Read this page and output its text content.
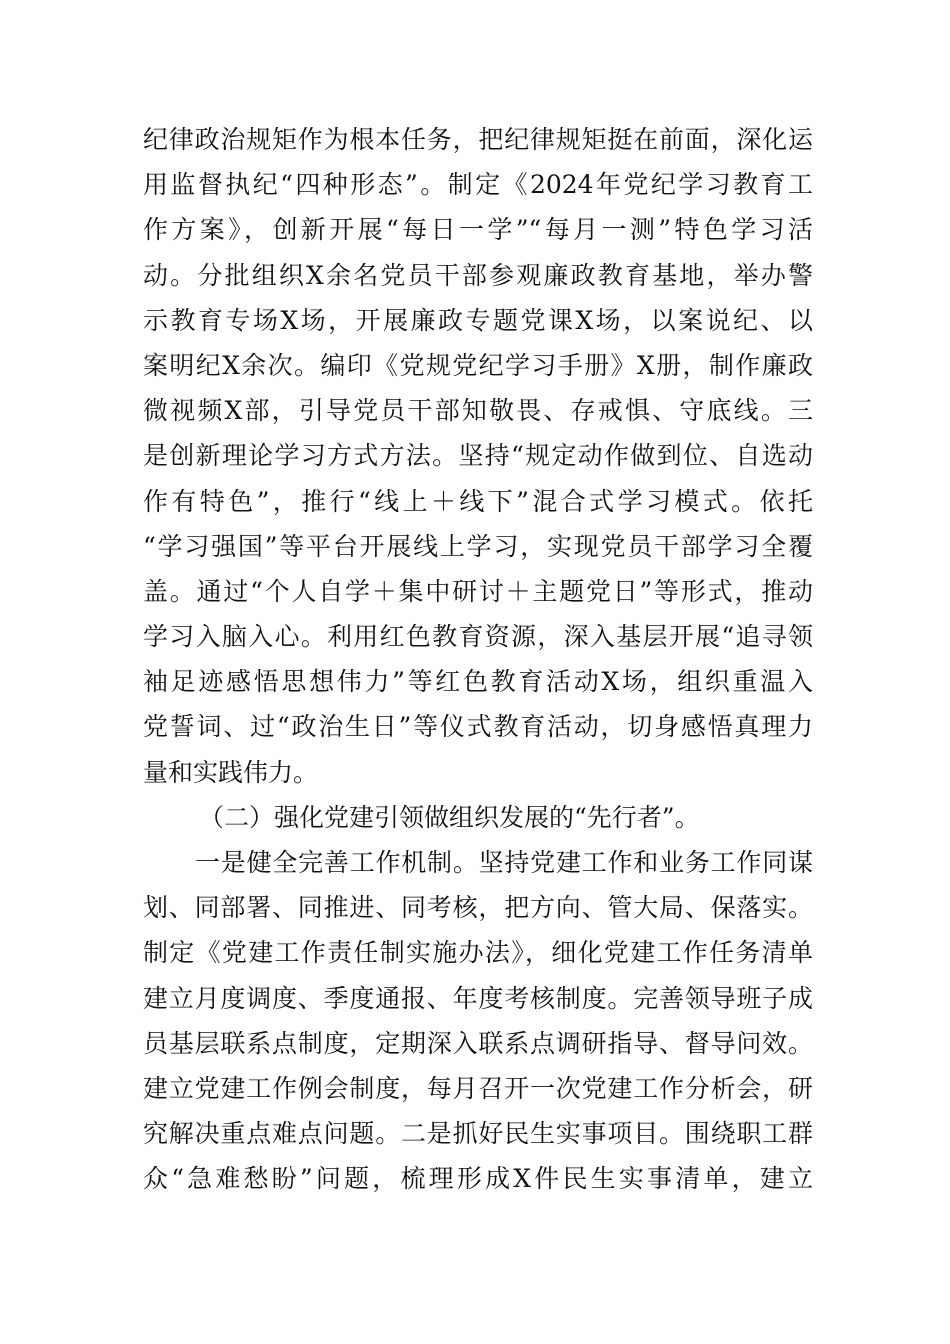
纪律政治规矩作为根本任务，把纪律规矩挺在前面，深化运
用监督执纪“四种形态”。制定《2024年党纪学习教育工
作方案》，创新开展“每日一学”“每月一测”特色学习活
动。分批组织X余名党员干部参观廉政教育基地，举办警
示教育专场X场，开展廉政专题党课X场，以案说纪、以
案明纪X余次。编印《党规党纪学习手册》X册，制作廉政
微视频X部，引导党员干部知敬畏、存戒惧、守底线。三
是创新理论学习方式方法。坚持“规定动作做到位、自选动
作有特色”，推行“线上＋线下”混合式学习模式。依托
“学习强国”等平台开展线上学习，实现党员干部学习全覆
盖。通过“个人自学＋集中研讨＋主题党日”等形式，推动
学习入脑入心。利用红色教育资源，深入基层开展“追寻领
袖足迹感悟思想伟力”等红色教育活动X场，组织重温入
党誓词、过“政治生日”等仪式教育活动，切身感悟真理力
量和实践伟力。
（二）强化党建引领做组织发展的“先行者”。
一是健全完善工作机制。坚持党建工作和业务工作同谋
划、同部署、同推进、同考核，把方向、管大局、保落实。
制定《党建工作责任制实施办法》，细化党建工作任务清单
建立月度调度、季度通报、年度考核制度。完善领导班子成
员基层联系点制度，定期深入联系点调研指导、督导问效。
建立党建工作例会制度，每月召开一次党建工作分析会，研
究解决重点难点问题。二是抓好民生实事项目。围绕职工群
众“急难愁盼”问题，梳理形成X件民生实事清单，建立
